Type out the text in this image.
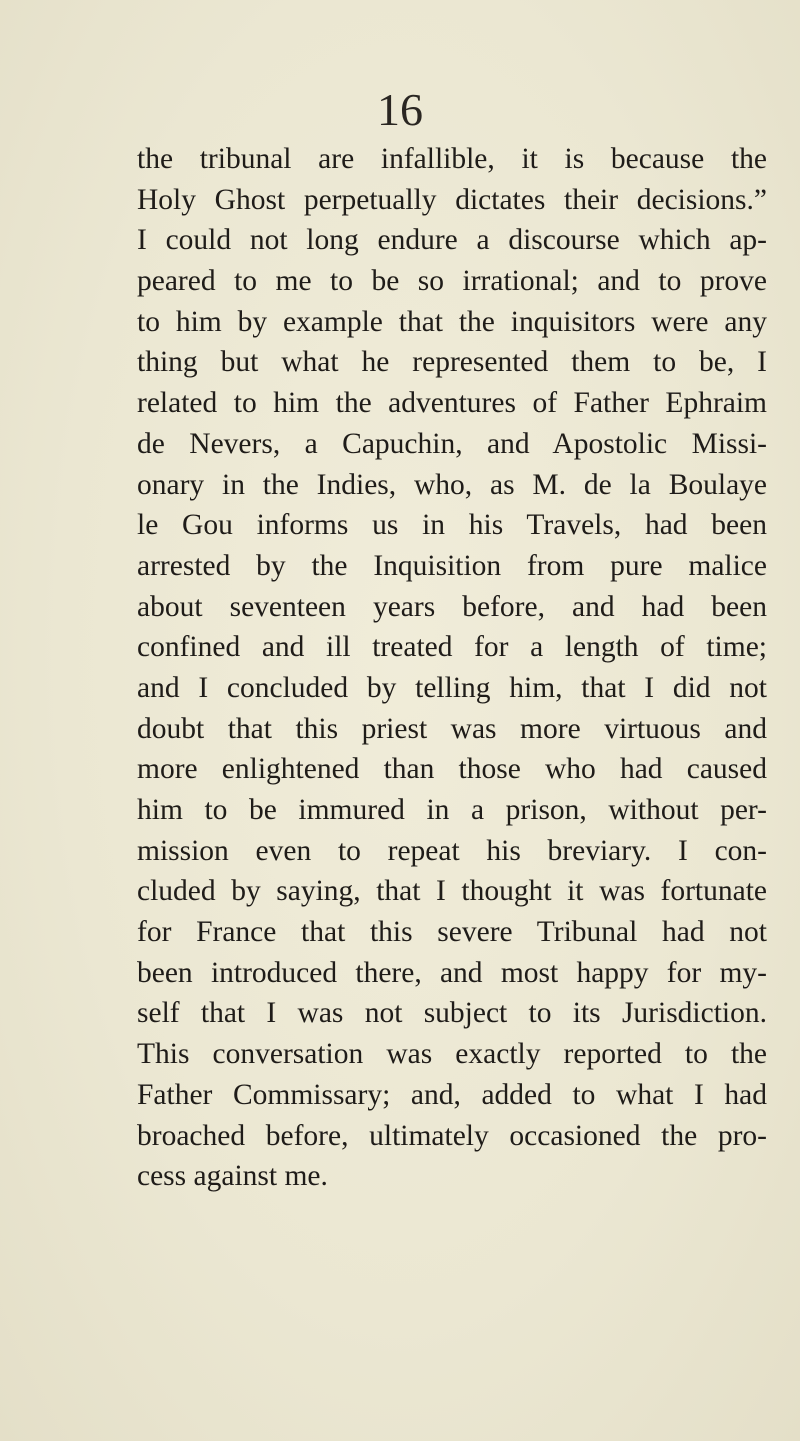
16
the tribunal are infallible, it is because the
Holy Ghost perpetually dictates their decisions.”
I could not long endure a discourse which ap-
peared to me to be so irrational; and to prove
to him by example that the inquisitors were any
thing but what he represented them to be, I
related to him the adventures of Father Ephraim
de Nevers, a Capuchin, and Apostolic Missi-
onary in the Indies, who, as M. de la Boulaye
le Gou informs us in his Travels, had been
arrested by the Inquisition from pure malice
about seventeen years before, and had been
confined and ill treated for a length of time;
and I concluded by telling him, that I did not
doubt that this priest was more virtuous and
more enlightened than those who had caused
him to be immured in a prison, without per-
mission even to repeat his breviary. I con-
cluded by saying, that I thought it was fortunate
for France that this severe Tribunal had not
been introduced there, and most happy for my-
self that I was not subject to its Jurisdiction.
This conversation was exactly reported to the
Father Commissary; and, added to what I had
broached before, ultimately occasioned the pro-
cess against me.
